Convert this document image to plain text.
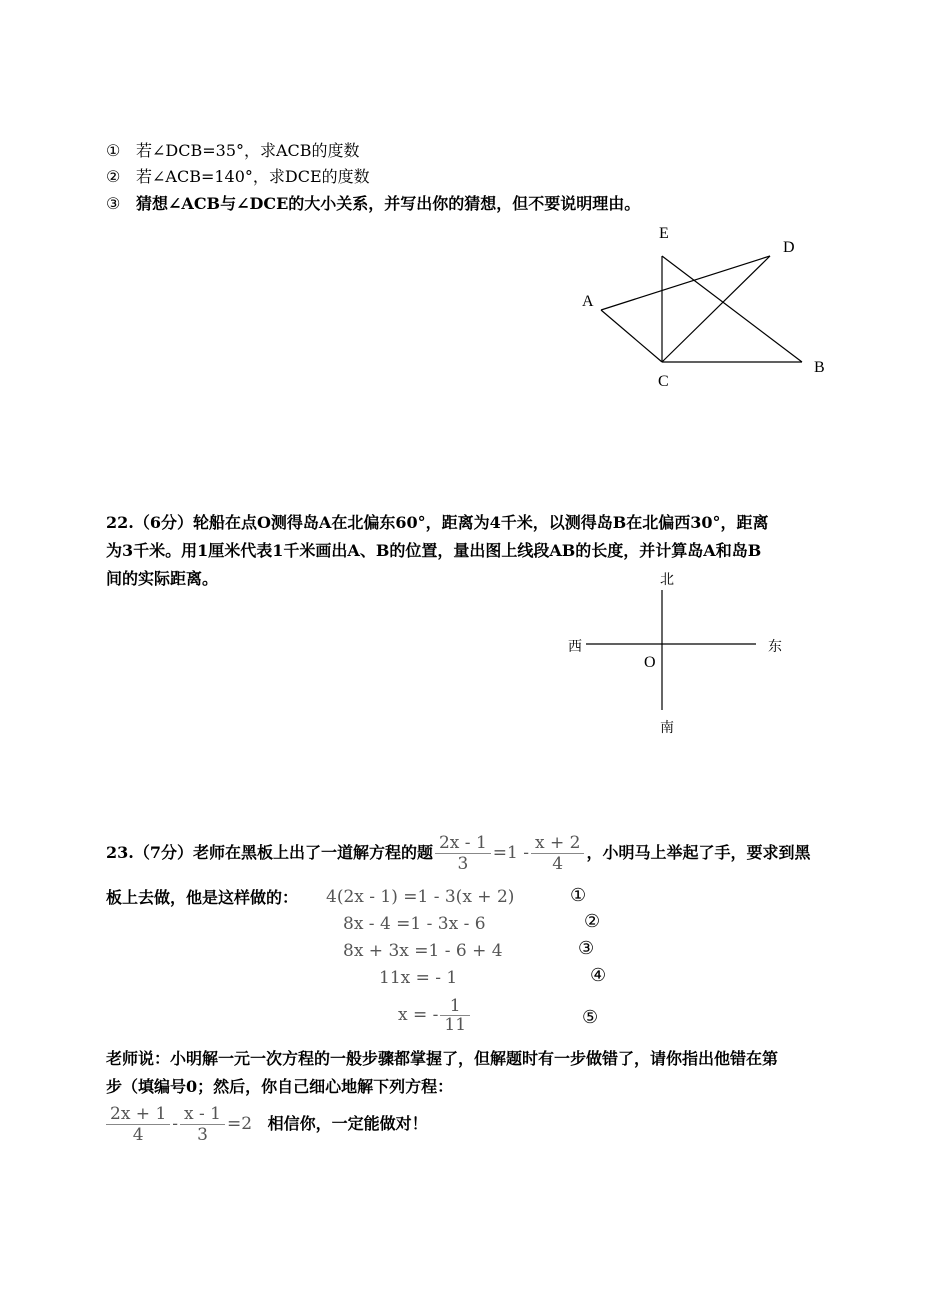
① 若∠DCB=35°，求ACB的度数
② 若∠ACB=140°，求DCE的度数
③ 猜想∠ACB与∠DCE的大小关系，并写出你的猜想，但不要说明理由。
A
E
D
C
B
22.（6分）轮船在点O测得岛A在北偏东60°，距离为4千米，以测得岛B在北偏西30°，距离
为3千米。用1厘米代表1千米画出A、B的位置，量出图上线段AB的长度，并计算岛A和岛B
间的实际距离。	北
南
西	东
O
23.（7分）老师在黑板上出了一道解方程的题 $\frac{2x - 1}{3} =1 - \frac{x + 2}{4}$ ，小明马上举起了手，要求到黑
板上去做，他是这样做的： 4(2x - 1) =1 - 3(x + 2)	①
8x - 4 =1 - 3x - 6	②
8x + 3x =1 - 6 + 4	③
11x = - 1	④
x = - $\frac{1}{11}$	⑤
老师说：小明解一元一次方程的一般步骤都掌握了，但解题时有一步做错了，请你指出他错在第
步（填编号0；然后，你自己细心地解下列方程：
$\frac{2x + 1}{4} - \frac{x - 1}{3} =2$ 相信你，一定能做对！
